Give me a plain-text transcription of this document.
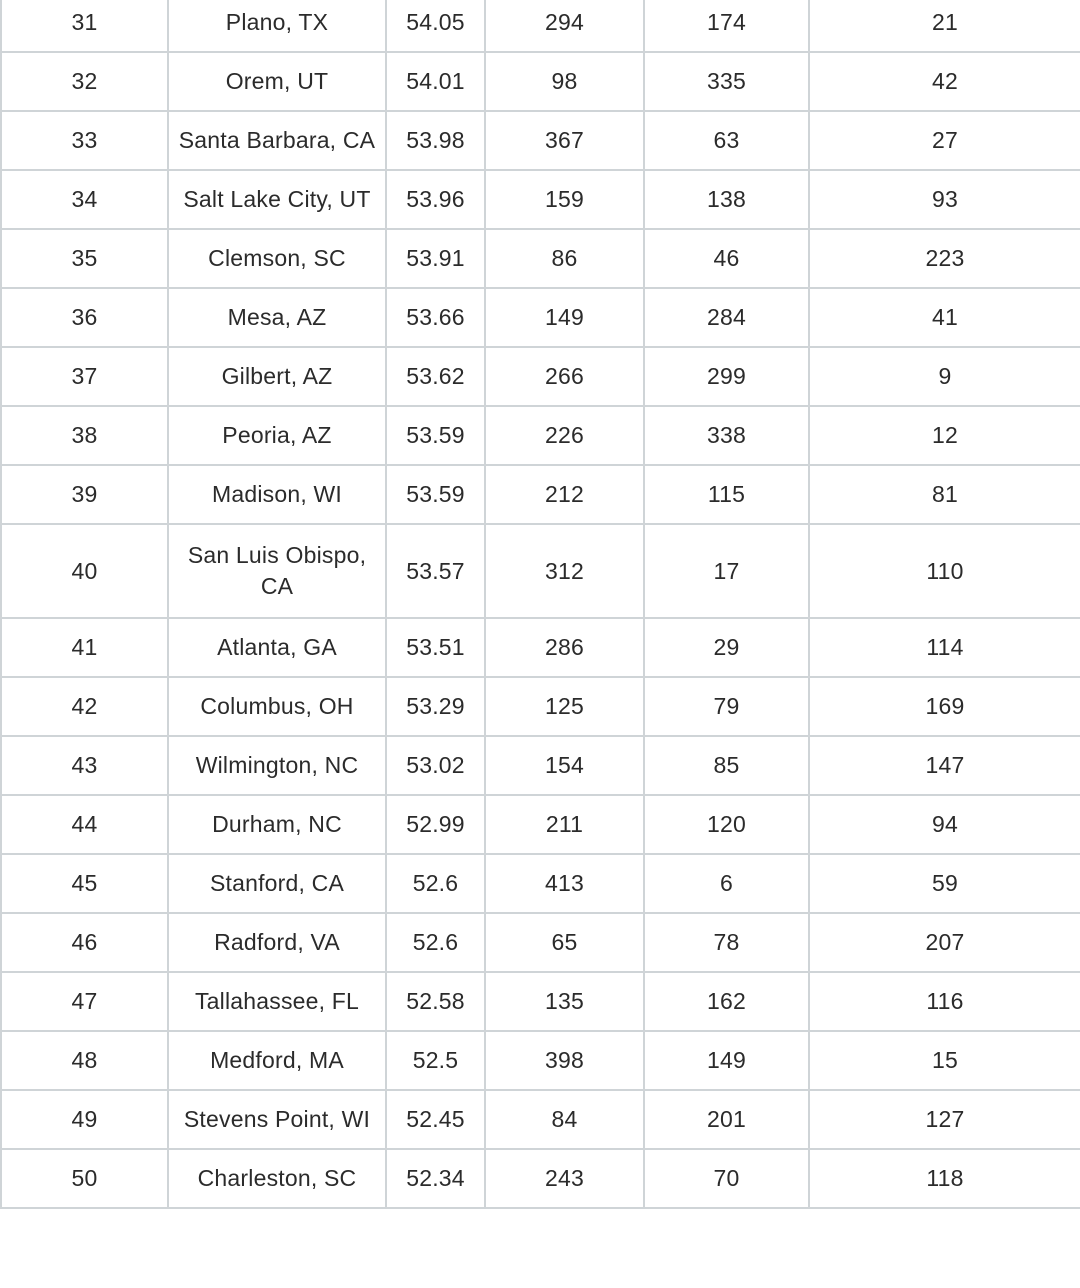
31	Plano, TX	54.05	294	174	21
32	Orem, UT	54.01	98	335	42
33	Santa Barbara, CA	53.98	367	63	27
34	Salt Lake City, UT	53.96	159	138	93
35	Clemson, SC	53.91	86	46	223
36	Mesa, AZ	53.66	149	284	41
37	Gilbert, AZ	53.62	266	299	9
38	Peoria, AZ	53.59	226	338	12
39	Madison, WI	53.59	212	115	81
40	San Luis Obispo, CA	53.57	312	17	110
41	Atlanta, GA	53.51	286	29	114
42	Columbus, OH	53.29	125	79	169
43	Wilmington, NC	53.02	154	85	147
44	Durham, NC	52.99	211	120	94
45	Stanford, CA	52.6	413	6	59
46	Radford, VA	52.6	65	78	207
47	Tallahassee, FL	52.58	135	162	116
48	Medford, MA	52.5	398	149	15
49	Stevens Point, WI	52.45	84	201	127
50	Charleston, SC	52.34	243	70	118
